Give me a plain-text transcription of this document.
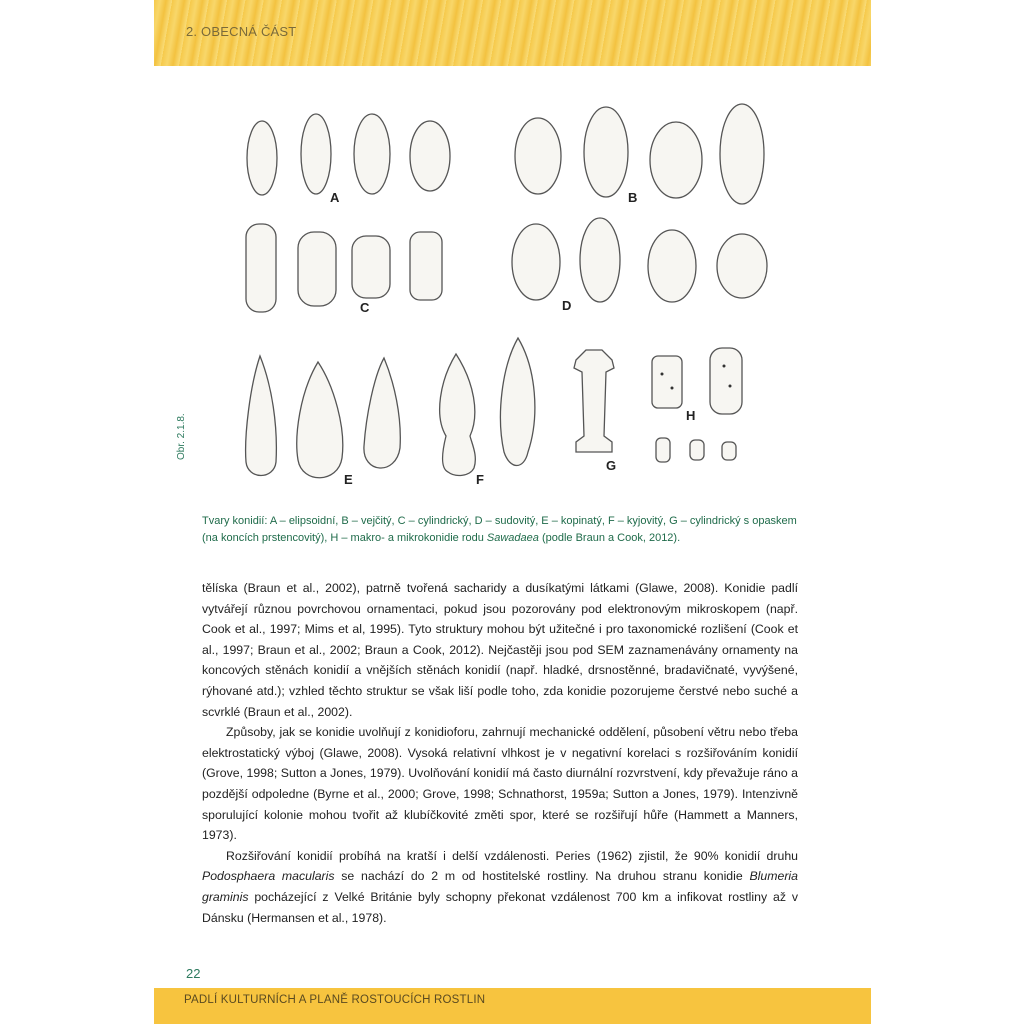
2. OBECNÁ ČÁST
Obr. 2.1.8.
A	B
C	D
E	F
G
H
Tvary konidií: A – elipsoidní, B – vejčitý, C – cylindrický, D – sudovitý, E – kopinatý, F – kyjovitý, G – cylindrický s opaskem (na koncích prstencovitý), H – makro- a mikrokonidie rodu Sawadaea (podle Braun a Cook, 2012).

tělíska (Braun et al., 2002), patrně tvořená sacharidy a dusíkatými látkami (Glawe, 2008). Konidie padlí vytvářejí různou povrchovou ornamentaci, pokud jsou pozorovány pod elektronovým mikroskopem (např. Cook et al., 1997; Mims et al, 1995). Tyto struktury mohou být užitečné i pro taxonomické rozlišení (Cook et al., 1997; Braun et al., 2002; Braun a Cook, 2012). Nejčastěji jsou pod SEM zaznamenávány ornamenty na koncových stěnách konidií a vnějších stěnách konidií (např. hladké, drsnostěnné, bradavičnaté, vyvýšené, rýhované atd.); vzhled těchto struktur se však liší podle toho, zda konidie pozorujeme čerstvé nebo suché a scvrklé (Braun et al., 2002).

Způsoby, jak se konidie uvolňují z konidioforu, zahrnují mechanické oddělení, působení větru nebo třeba elektrostatický výboj (Glawe, 2008). Vysoká relativní vlhkost je v negativní korelaci s rozšiřováním konidií (Grove, 1998; Sutton a Jones, 1979). Uvolňování konidií má často diurnální rozvrstvení, kdy převažuje ráno a pozdější odpoledne (Byrne et al., 2000; Grove, 1998; Schnathorst, 1959a; Sutton a Jones, 1979). Intenzivně sporulující kolonie mohou tvořit až klubíčkovité změti spor, které se rozšiřují hůře (Hammett a Manners, 1973).

Rozšiřování konidií probíhá na kratší i delší vzdálenosti. Peries (1962) zjistil, že 90% konidií druhu Podosphaera macularis se nachází do 2 m od hostitelské rostliny. Na druhou stranu konidie Blumeria graminis pocházející z Velké Británie byly schopny překonat vzdálenost 700 km a infikovat rostliny až v Dánsku (Hermansen et al., 1978).

22
PADLÍ KULTURNÍCH A PLANĚ ROSTOUCÍCH ROSTLIN
